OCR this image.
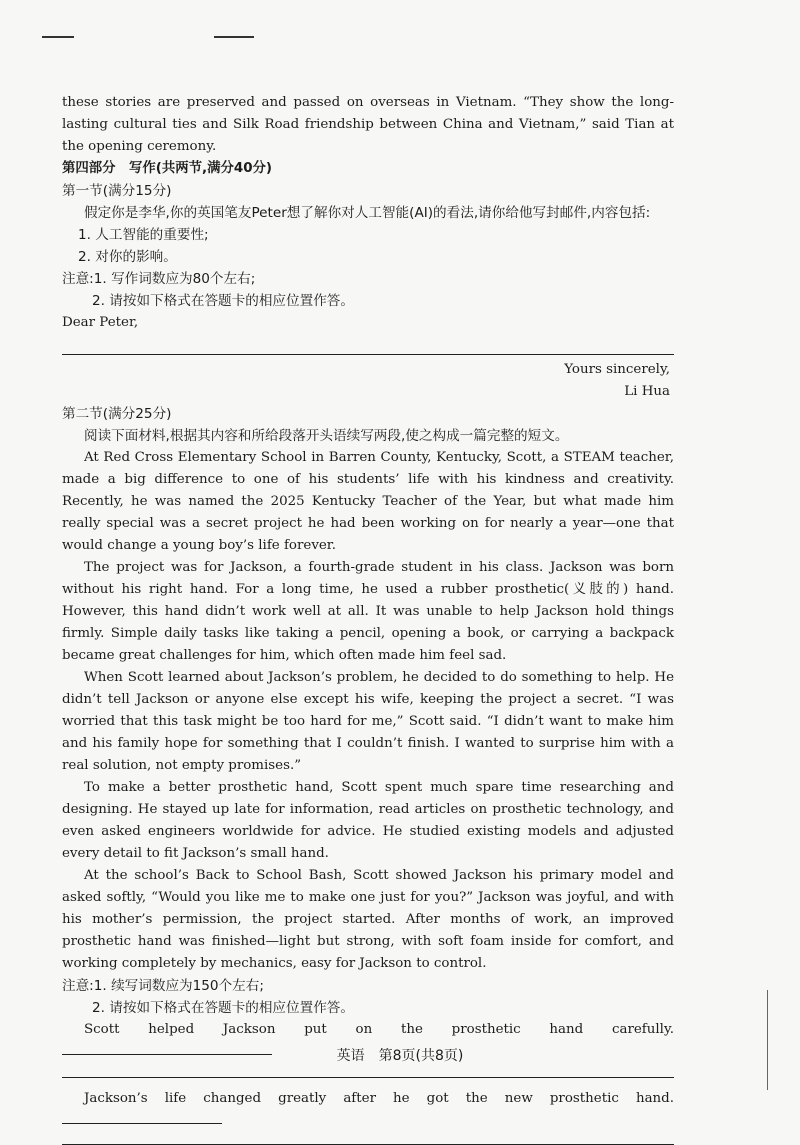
these stories are preserved and passed on overseas in Vietnam. “They show the long-lasting cultural ties and Silk Road friendship between China and Vietnam,” said Tian at the opening ceremony.

第四部分　写作(共两节,满分40分)

第一节(满分15分)

假定你是李华,你的英国笔友Peter想了解你对人工智能(AI)的看法,请你给他写封邮件,内容包括:

1. 人工智能的重要性;

2. 对你的影响。

注意:1. 写作词数应为80个左右;

2. 请按如下格式在答题卡的相应位置作答。

Dear Peter,

Yours sincerely,

Li Hua

第二节(满分25分)

阅读下面材料,根据其内容和所给段落开头语续写两段,使之构成一篇完整的短文。

At Red Cross Elementary School in Barren County, Kentucky, Scott, a STEAM teacher, made a big difference to one of his students’ life with his kindness and creativity. Recently, he was named the 2025 Kentucky Teacher of the Year, but what made him really special was a secret project he had been working on for nearly a year—one that would change a young boy’s life forever.

The project was for Jackson, a fourth-grade student in his class. Jackson was born without his right hand. For a long time, he used a rubber prosthetic(义肢的) hand. However, this hand didn’t work well at all. It was unable to help Jackson hold things firmly. Simple daily tasks like taking a pencil, opening a book, or carrying a backpack became great challenges for him, which often made him feel sad.

When Scott learned about Jackson’s problem, he decided to do something to help. He didn’t tell Jackson or anyone else except his wife, keeping the project a secret. “I was worried that this task might be too hard for me,” Scott said. “I didn’t want to make him and his family hope for something that I couldn’t finish. I wanted to surprise him with a real solution, not empty promises.”

To make a better prosthetic hand, Scott spent much spare time researching and designing. He stayed up late for information, read articles on prosthetic technology, and even asked engineers worldwide for advice. He studied existing models and adjusted every detail to fit Jackson’s small hand.

At the school’s Back to School Bash, Scott showed Jackson his primary model and asked softly, “Would you like me to make one just for you?” Jackson was joyful, and with his mother’s permission, the project started. After months of work, an improved prosthetic hand was finished—light but strong, with soft foam inside for comfort, and working completely by mechanics, easy for Jackson to control.

注意:1. 续写词数应为150个左右;

2. 请按如下格式在答题卡的相应位置作答。

Scott helped Jackson put on the prosthetic hand carefully.

Jackson’s life changed greatly after he got the new prosthetic hand.

英语　第8页(共8页)
